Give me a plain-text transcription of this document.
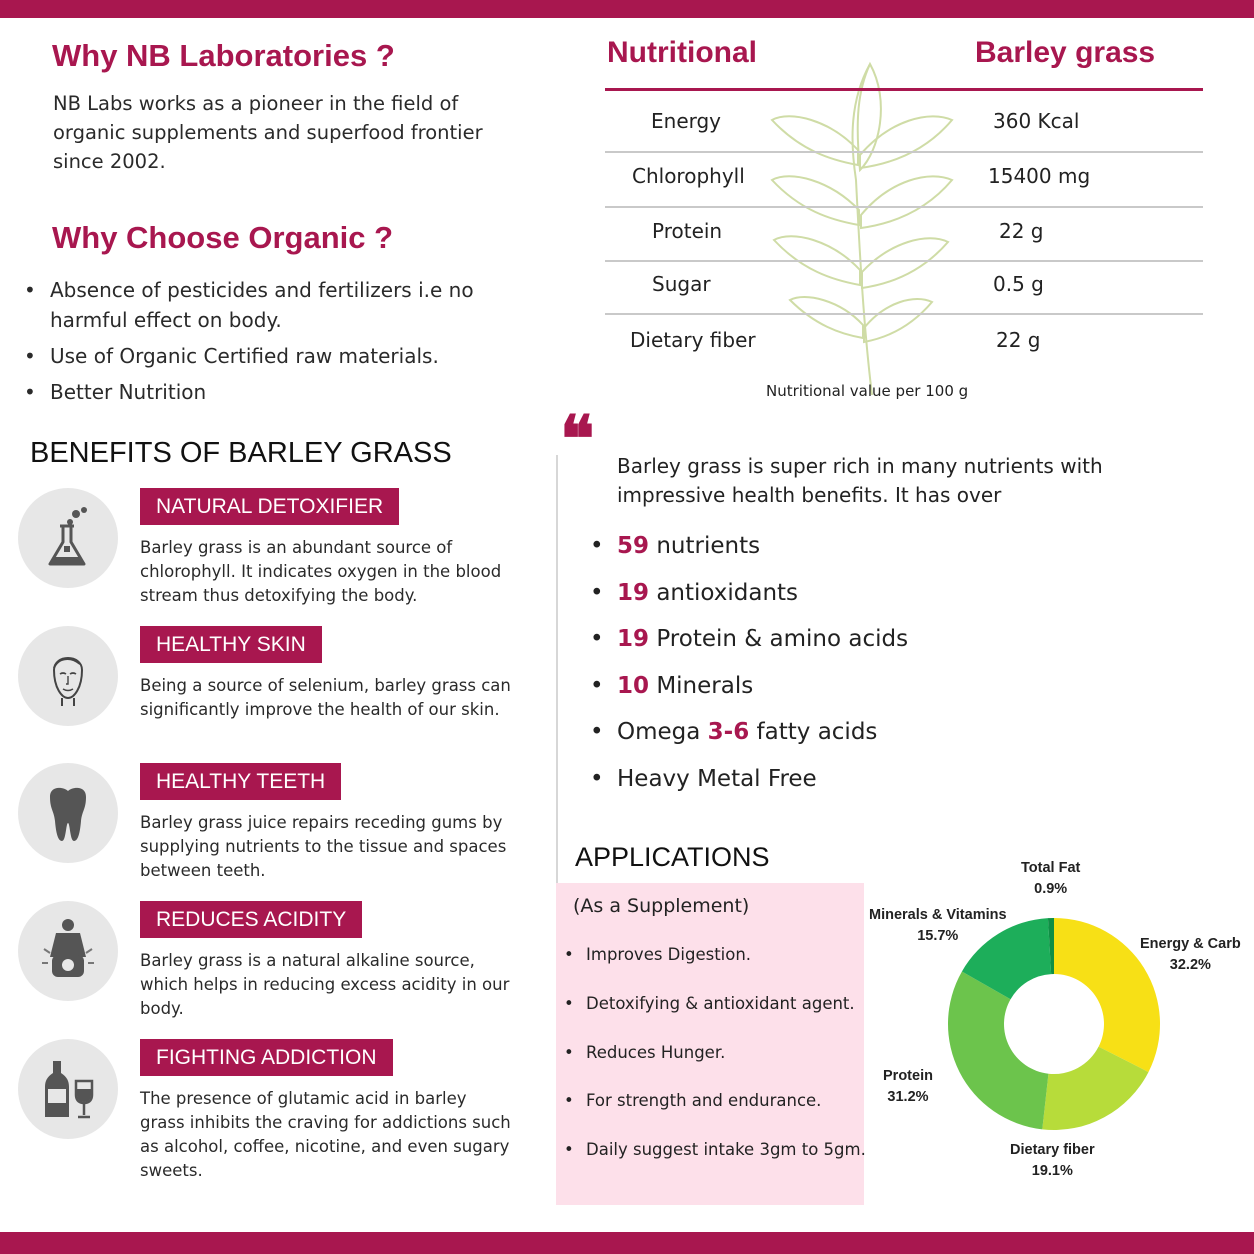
Why NB Laboratories ?
NB Labs works as a pioneer in the field of organic supplements and superfood frontier since 2002.
Why Choose Organic ?
• Absence of pesticides and fertilizers i.e no harmful effect on body.
• Use of Organic Certified raw materials.
• Better Nutrition
BENEFITS OF BARLEY GRASS
NATURAL DETOXIFIER
Barley grass is an abundant source of chlorophyll. It indicates oxygen in the blood stream thus detoxifying the body.
HEALTHY SKIN
Being a source of selenium, barley grass can significantly improve the health of our skin.
HEALTHY TEETH
Barley grass juice repairs receding gums by supplying nutrients to the tissue and spaces between teeth.
REDUCES ACIDITY
Barley grass is a natural alkaline source, which helps in reducing excess acidity in our body.
FIGHTING ADDICTION
The presence of glutamic acid in barley grass inhibits the craving for addictions such as alcohol, coffee, nicotine, and even sugary sweets.
Nutritional	Barley grass
Energy	360 Kcal
Chlorophyll	15400 mg
Protein	22 g
Sugar	0.5 g
Dietary fiber	22 g
Nutritional value per 100 g
❝ Barley grass is super rich in many nutrients with impressive health benefits. It has over
• 59 nutrients
• 19 antioxidants
• 19 Protein & amino acids
• 10 Minerals
• Omega 3-6 fatty acids
• Heavy Metal Free
APPLICATIONS
(As a Supplement)
• Improves Digestion.
• Detoxifying & antioxidant agent.
• Reduces Hunger.
• For strength and endurance.
• Daily suggest intake 3gm to 5gm.
Energy & Carb
32.2%
Dietary fiber
19.1%
Protein
31.2%
Minerals & Vitamins
15.7%
Total Fat
0.9%
